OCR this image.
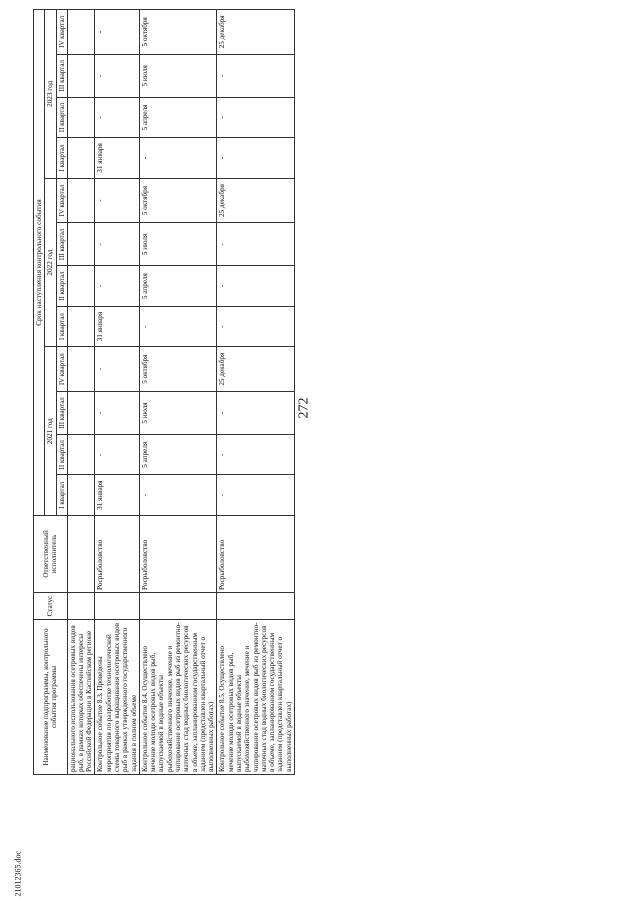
Наименование подпрограммы, контрольного события программы	Статус	Ответственный исполнитель	Срок наступления контрольного события											
			2021 год				2022 год				2023 год			
			I квартал	II квартал	III квартал	IV квартал	I квартал	II квартал	III квартал	IV квартал	I квартал	II квартал	III квартал	IV квартал
рационального использования осетровых видов рыб, в рамках которых обеспечены интересы Российской Федерации в Каспийском регионе														
Контрольное событие 8.3. Проведены мероприятия по разработке технологической схемы товарного выращивания осетровых видов рыб в рамках утвержденного государственного задания в полном объеме		Росрыболовство	31 января	-	-	-	31 января	-	-	-	31 января	-	-	-
Контрольное событие 8.4. Осуществлено мечение молоди осетровых видов рыб, выпускаемой в водные объекты рыбохозяйственного значение, мечение и чипирование осетровых видов рыб из ремонтно-маточных стад водных биологических ресурсов в объеме, запланированном государственным заданием (представлен квартальный отчет о выполненных работах)		Росрыболовство	-	5 апреля	5 июля	5 октября	-	5 апреля	5 июля	5 октября	-	5 апреля	5 июля	5 октября
Контрольное событие 8.5. Осуществлено мечение молоди осетровых видов рыб, выпускаемой в водные объекты рыбохозяйственного значение, мечение и чипирование осетровых видов рыб из ремонтно-маточных стад водных биологических ресурсов в объеме, запланированном государственным заданием (представлен квартальный отчет о выполненных работах)		Росрыболовство	-	-	-	25 декабря	-	-	-	25 декабря	-	-	-	25 декабря
272
21012365.doc
